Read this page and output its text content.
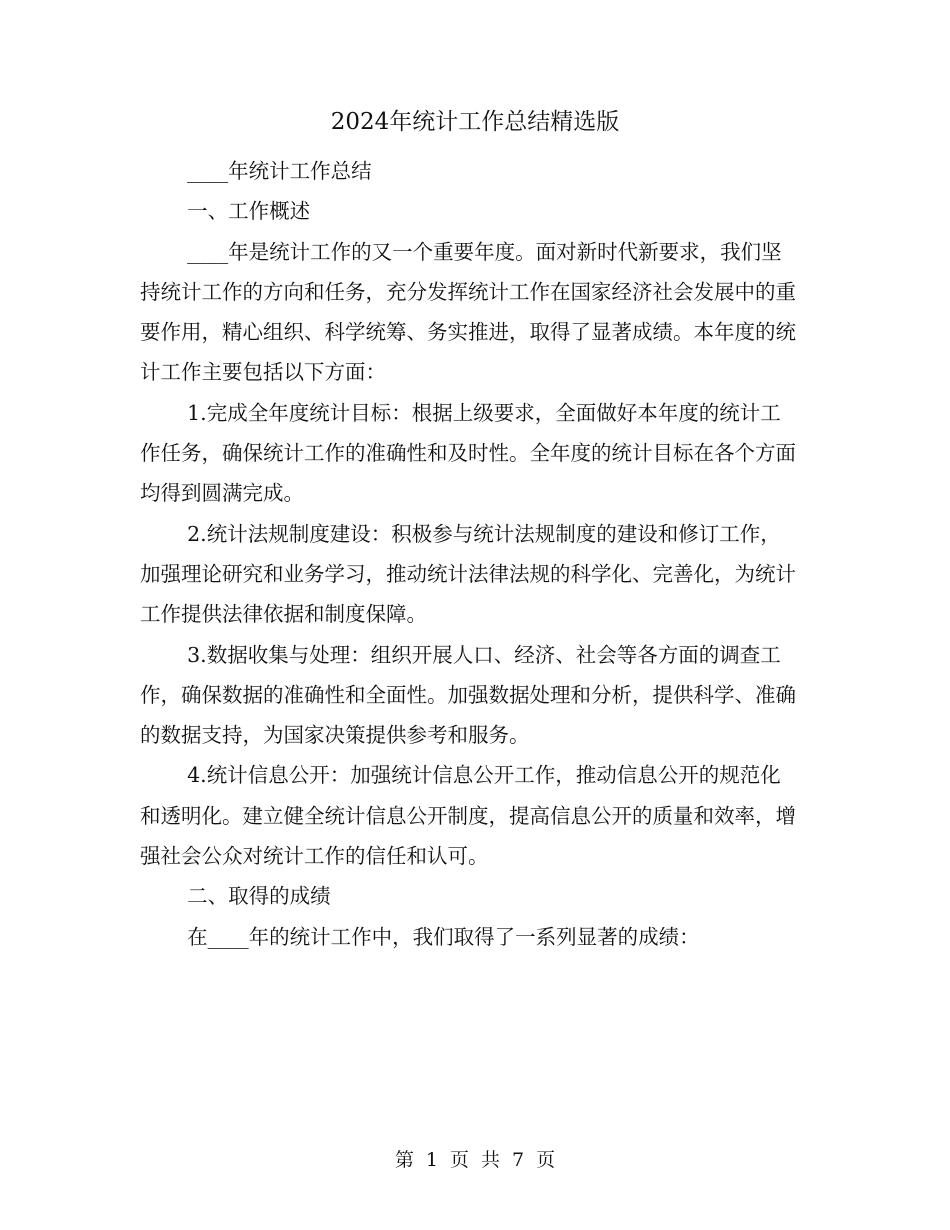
2024年统计工作总结精选版

____年统计工作总结

一、工作概述

____年是统计工作的又一个重要年度。面对新时代新要求，我们坚持统计工作的方向和任务，充分发挥统计工作在国家经济社会发展中的重要作用，精心组织、科学统筹、务实推进，取得了显著成绩。本年度的统计工作主要包括以下方面：

1.完成全年度统计目标：根据上级要求，全面做好本年度的统计工作任务，确保统计工作的准确性和及时性。全年度的统计目标在各个方面均得到圆满完成。

2.统计法规制度建设：积极参与统计法规制度的建设和修订工作，加强理论研究和业务学习，推动统计法律法规的科学化、完善化，为统计工作提供法律依据和制度保障。

3.数据收集与处理：组织开展人口、经济、社会等各方面的调查工作，确保数据的准确性和全面性。加强数据处理和分析，提供科学、准确的数据支持，为国家决策提供参考和服务。

4.统计信息公开：加强统计信息公开工作，推动信息公开的规范化和透明化。建立健全统计信息公开制度，提高信息公开的质量和效率，增强社会公众对统计工作的信任和认可。

二、取得的成绩

在____年的统计工作中，我们取得了一系列显著的成绩：

第 1 页 共 7 页
